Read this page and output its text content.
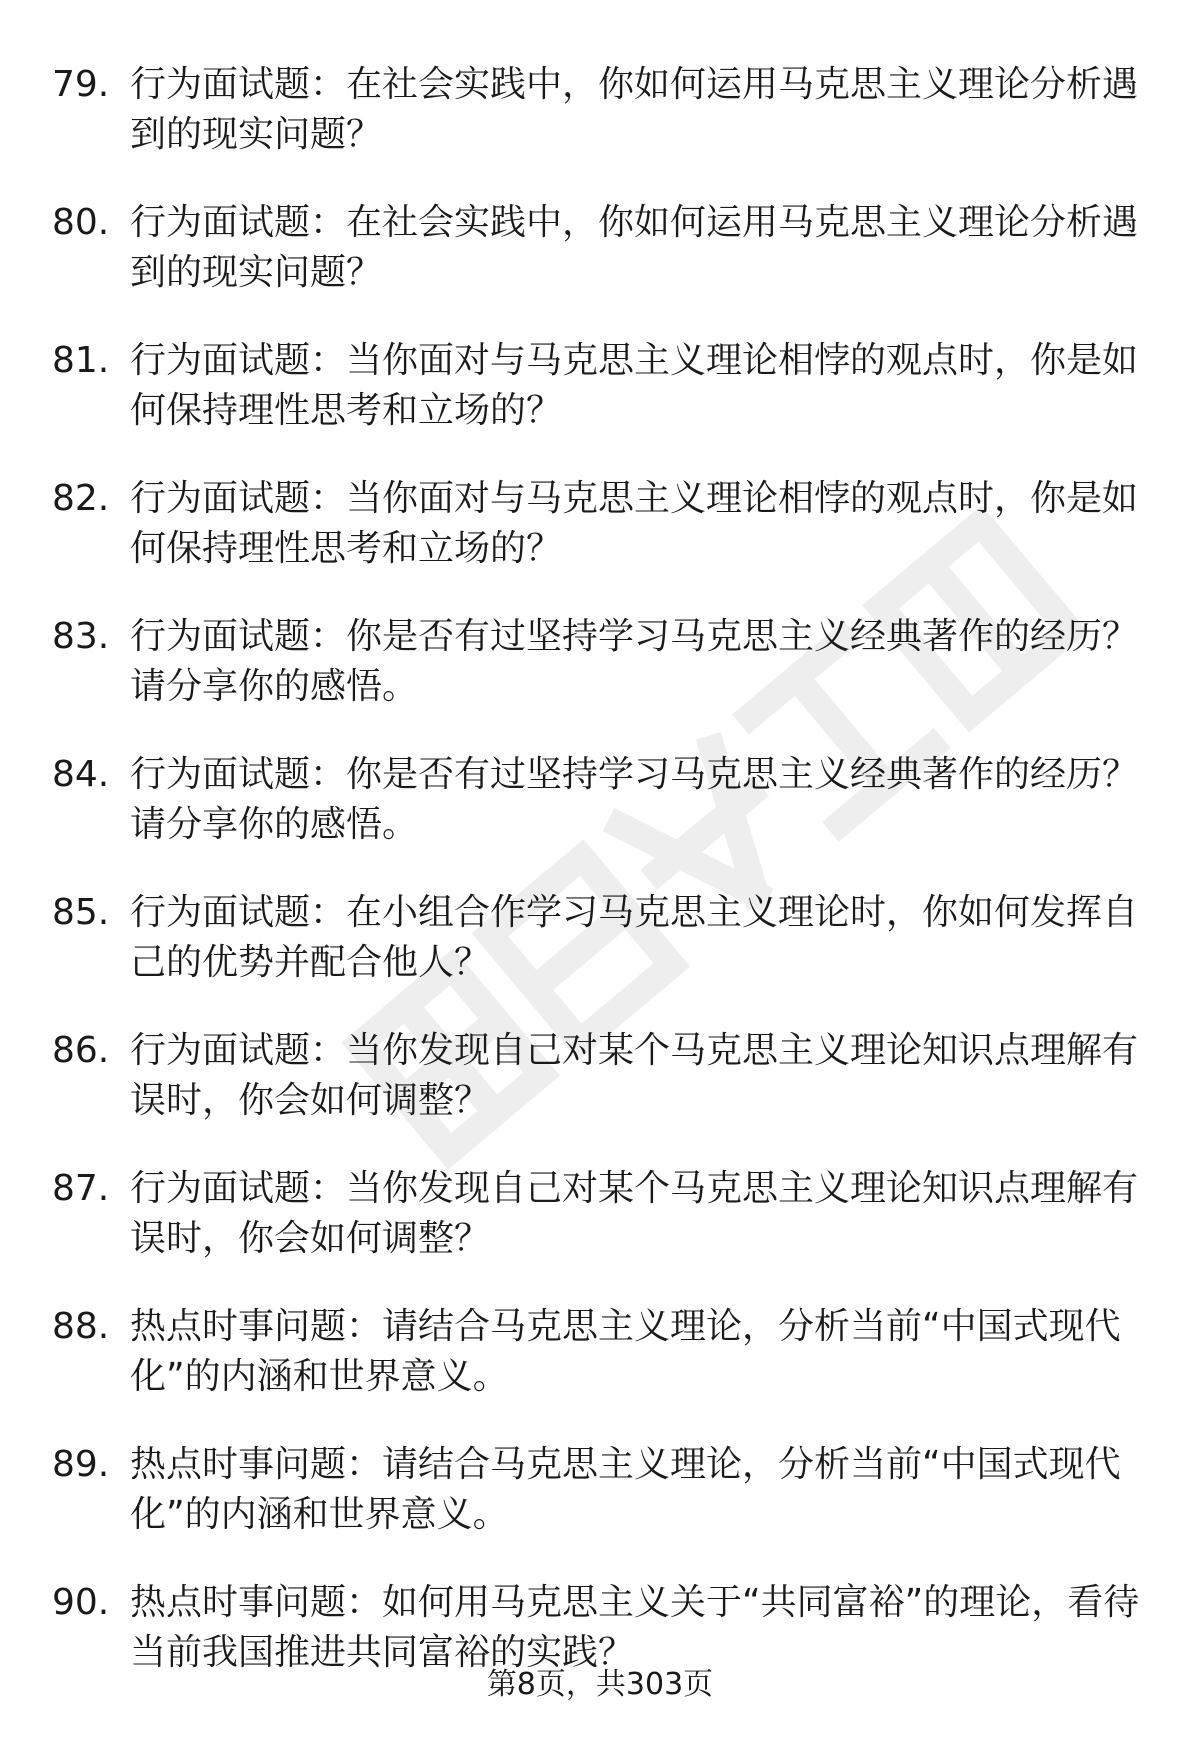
79. 行为面试题：在社会实践中，你如何运用马克思主义理论分析遇到的现实问题？
80. 行为面试题：在社会实践中，你如何运用马克思主义理论分析遇到的现实问题？
81. 行为面试题：当你面对与马克思主义理论相悖的观点时，你是如何保持理性思考和立场的？
82. 行为面试题：当你面对与马克思主义理论相悖的观点时，你是如何保持理性思考和立场的？
83. 行为面试题：你是否有过坚持学习马克思主义经典著作的经历？请分享你的感悟。
84. 行为面试题：你是否有过坚持学习马克思主义经典著作的经历？请分享你的感悟。
85. 行为面试题：在小组合作学习马克思主义理论时，你如何发挥自己的优势并配合他人？
86. 行为面试题：当你发现自己对某个马克思主义理论知识点理解有误时，你会如何调整？
87. 行为面试题：当你发现自己对某个马克思主义理论知识点理解有误时，你会如何调整？
88. 热点时事问题：请结合马克思主义理论，分析当前“中国式现代化”的内涵和世界意义。
89. 热点时事问题：请结合马克思主义理论，分析当前“中国式现代化”的内涵和世界意义。
90. 热点时事问题：如何用马克思主义关于“共同富裕”的理论，看待当前我国推进共同富裕的实践？
第8页，共303页
